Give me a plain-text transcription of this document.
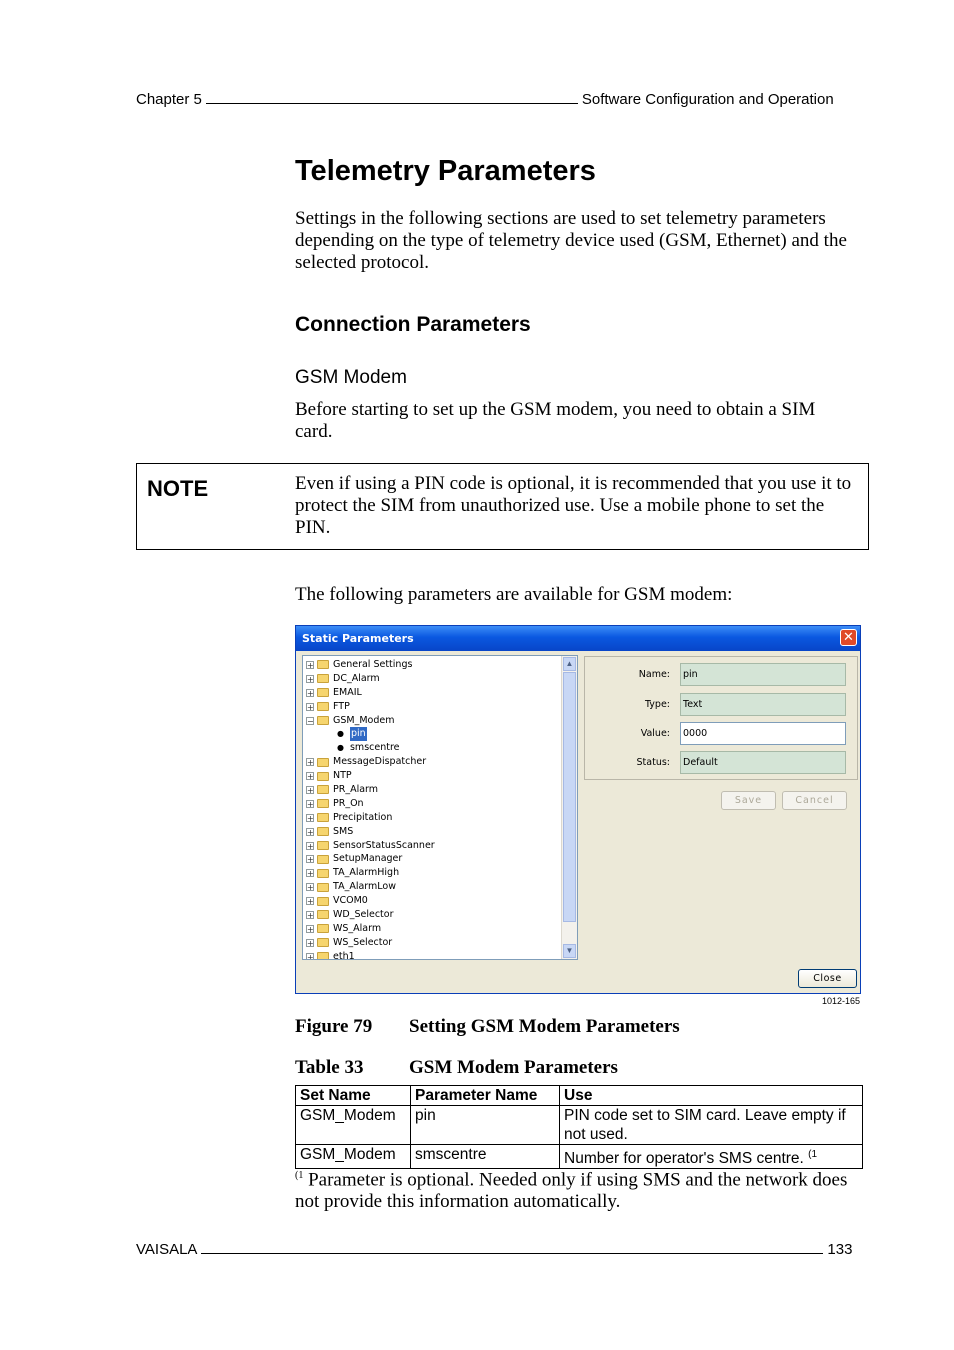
Chapter 5	Software Configuration and Operation
Telemetry Parameters
Settings in the following sections are used to set telemetry parameters depending on the type of telemetry device used (GSM, Ethernet) and the selected protocol.
Connection Parameters
GSM Modem
Before starting to set up the GSM modem, you need to obtain a SIM card.
NOTE	Even if using a PIN code is optional, it is recommended that you use it to protect the SIM from unauthorized use. Use a mobile phone to set the PIN.
The following parameters are available for GSM modem:
Static Parameters	✕
+ General Settings
+ DC_Alarm
+ EMAIL
+ FTP
− GSM_Modem
● pin
● smscentre
+ MessageDispatcher
+ NTP
+ PR_Alarm
+ PR_On
+ Precipitation
+ SMS
+ SensorStatusScanner
+ SetupManager
+ TA_AlarmHigh
+ TA_AlarmLow
+ VCOM0
+ WD_Selector
+ WS_Alarm
+ WS_Selector
+ eth1
▲
▼
Name:	pin
Type:	Text
Value:	0000
Status:	Default
Save	Cancel
Close
1012-165
Figure 79 Setting GSM Modem Parameters
Table 33 GSM Modem Parameters
Set Name	Parameter Name	Use
GSM_Modem	pin	PIN code set to SIM card. Leave empty if not used.
GSM_Modem	smscentre	Number for operator's SMS centre. $^{(1}$
$^{(1}$ Parameter is optional. Needed only if using SMS and the network does not provide this information automatically.
VAISALA	133
